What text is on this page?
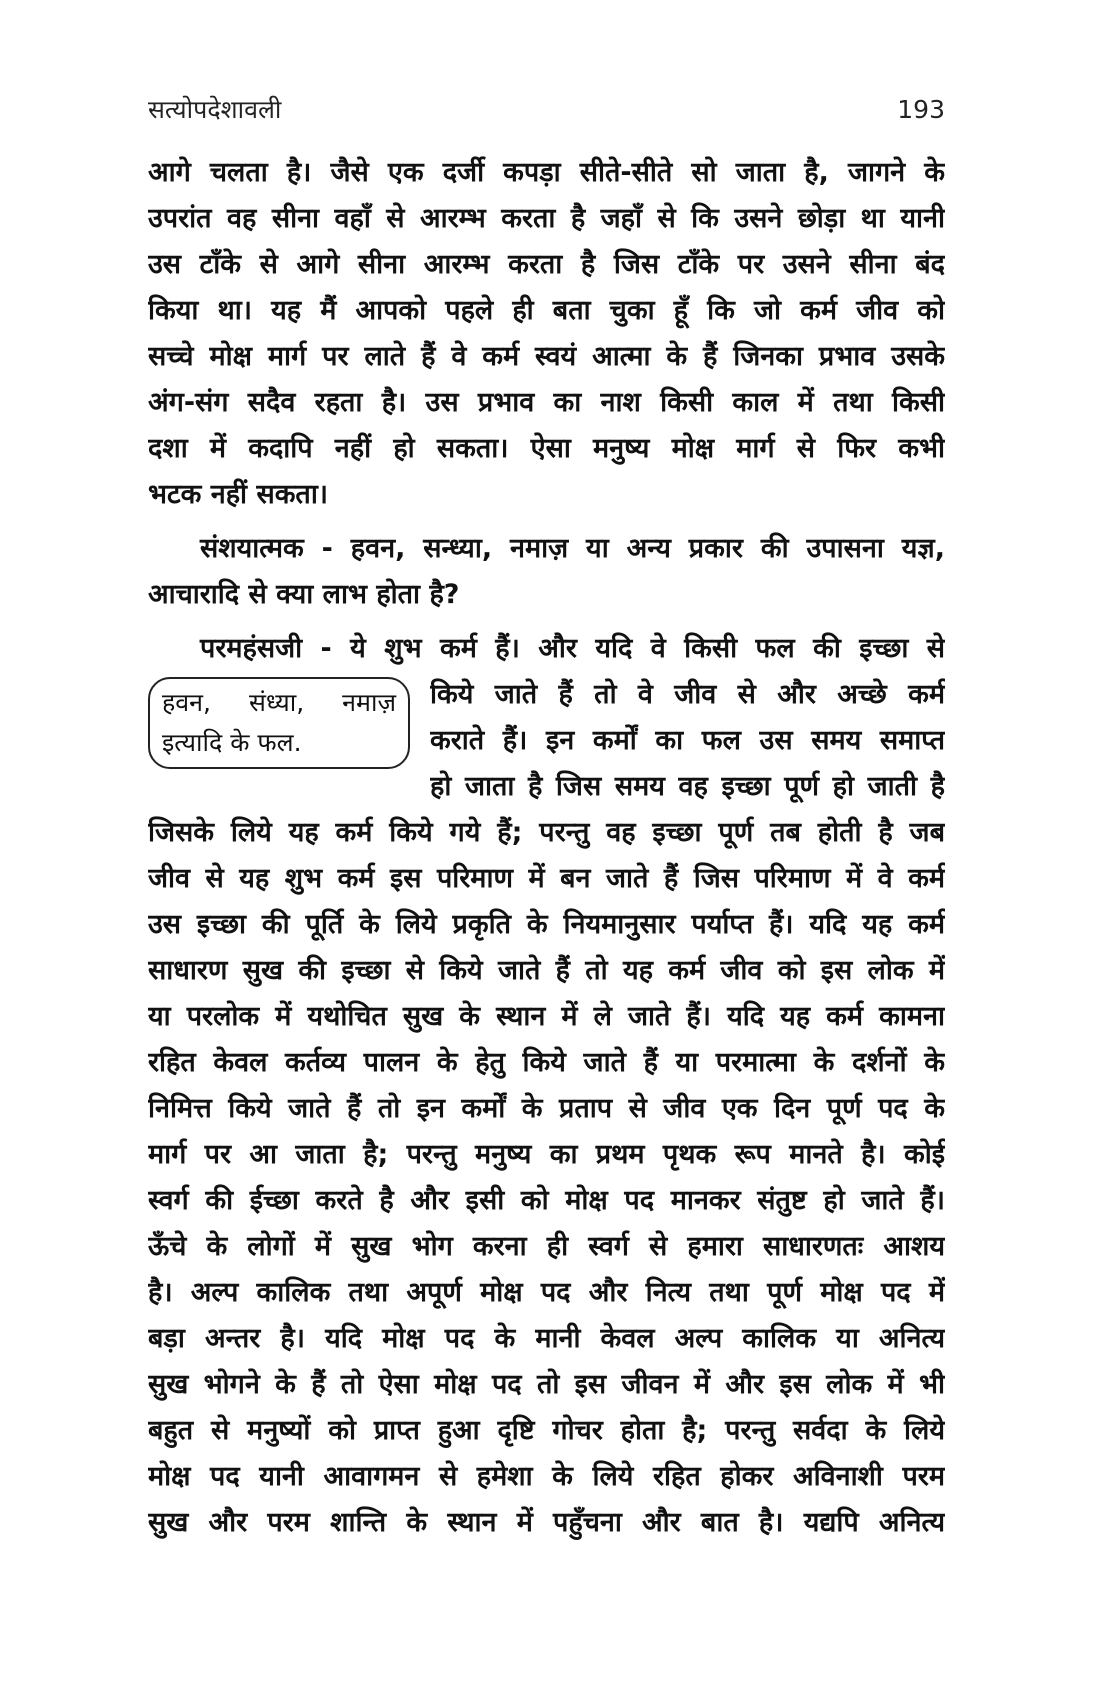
सत्योपदेशावली	193
आगे चलता है। जैसे एक दर्जी कपड़ा सीते-सीते सो जाता है, जागने के
उपरांत वह सीना वहाँ से आरम्भ करता है जहाँ से कि उसने छोड़ा था यानी
उस टाँके से आगे सीना आरम्भ करता है जिस टाँके पर उसने सीना बंद
किया था। यह मैं आपको पहले ही बता चुका हूँ कि जो कर्म जीव को
सच्चे मोक्ष मार्ग पर लाते हैं वे कर्म स्वयं आत्मा के हैं जिनका प्रभाव उसके
अंग-संग सदैव रहता है। उस प्रभाव का नाश किसी काल में तथा किसी
दशा में कदापि नहीं हो सकता। ऐसा मनुष्य मोक्ष मार्ग से फिर कभी
भटक नहीं सकता।
संशयात्मक - हवन, सन्ध्या, नमाज़ या अन्य प्रकार की उपासना यज्ञ,
आचारादि से क्या लाभ होता है?
परमहंसजी - ये शुभ कर्म हैं। और यदि वे किसी फल की इच्छा से
हवन, संध्या, नमाज़
इत्यादि के फल.
किये जाते हैं तो वे जीव से और अच्छे कर्म
कराते हैं। इन कर्मों का फल उस समय समाप्त
हो जाता है जिस समय वह इच्छा पूर्ण हो जाती है
जिसके लिये यह कर्म किये गये हैं; परन्तु वह इच्छा पूर्ण तब होती है जब
जीव से यह शुभ कर्म इस परिमाण में बन जाते हैं जिस परिमाण में वे कर्म
उस इच्छा की पूर्ति के लिये प्रकृति के नियमानुसार पर्याप्त हैं। यदि यह कर्म
साधारण सुख की इच्छा से किये जाते हैं तो यह कर्म जीव को इस लोक में
या परलोक में यथोचित सुख के स्थान में ले जाते हैं। यदि यह कर्म कामना
रहित केवल कर्तव्य पालन के हेतु किये जाते हैं या परमात्मा के दर्शनों के
निमित्त किये जाते हैं तो इन कर्मों के प्रताप से जीव एक दिन पूर्ण पद के
मार्ग पर आ जाता है; परन्तु मनुष्य का प्रथम पृथक रूप मानते है। कोई
स्वर्ग की ईच्छा करते है और इसी को मोक्ष पद मानकर संतुष्ट हो जाते हैं।
ऊँचे के लोगों में सुख भोग करना ही स्वर्ग से हमारा साधारणतः आशय
है। अल्प कालिक तथा अपूर्ण मोक्ष पद और नित्य तथा पूर्ण मोक्ष पद में
बड़ा अन्तर है। यदि मोक्ष पद के मानी केवल अल्प कालिक या अनित्य
सुख भोगने के हैं तो ऐसा मोक्ष पद तो इस जीवन में और इस लोक में भी
बहुत से मनुष्यों को प्राप्त हुआ दृष्टि गोचर होता है; परन्तु सर्वदा के लिये
मोक्ष पद यानी आवागमन से हमेशा के लिये रहित होकर अविनाशी परम
सुख और परम शान्ति के स्थान में पहुँचना और बात है। यद्यपि अनित्य
